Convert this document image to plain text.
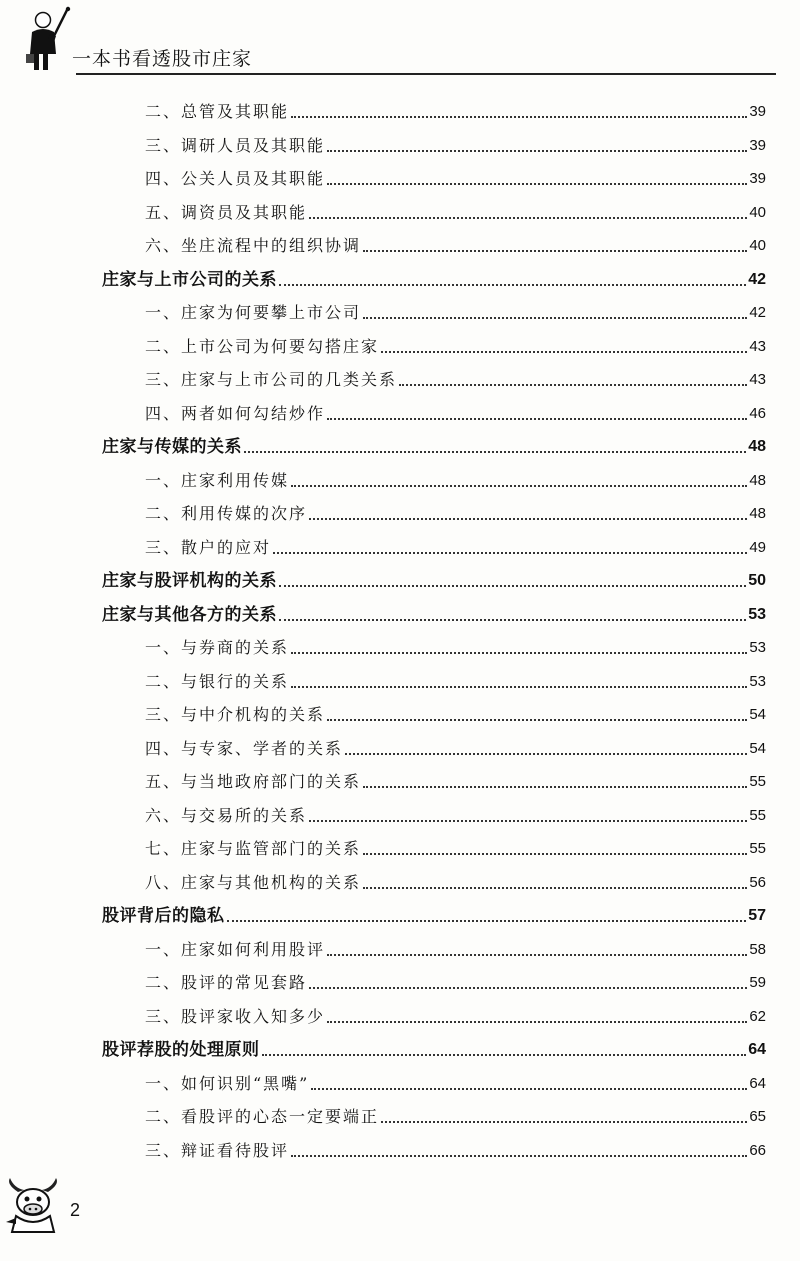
一本书看透股市庄家
二、总管及其职能	39
三、调研人员及其职能	39
四、公关人员及其职能	39
五、调资员及其职能	40
六、坐庄流程中的组织协调	40
庄家与上市公司的关系	42
一、庄家为何要攀上市公司	42
二、上市公司为何要勾搭庄家	43
三、庄家与上市公司的几类关系	43
四、两者如何勾结炒作	46
庄家与传媒的关系	48
一、庄家利用传媒	48
二、利用传媒的次序	48
三、散户的应对	49
庄家与股评机构的关系	50
庄家与其他各方的关系	53
一、与券商的关系	53
二、与银行的关系	53
三、与中介机构的关系	54
四、与专家、学者的关系	54
五、与当地政府部门的关系	55
六、与交易所的关系	55
七、庄家与监管部门的关系	55
八、庄家与其他机构的关系	56
股评背后的隐私	57
一、庄家如何利用股评	58
二、股评的常见套路	59
三、股评家收入知多少	62
股评荐股的处理原则	64
一、如何识别“黑嘴”	64
二、看股评的心态一定要端正	65
三、辩证看待股评	66
2
